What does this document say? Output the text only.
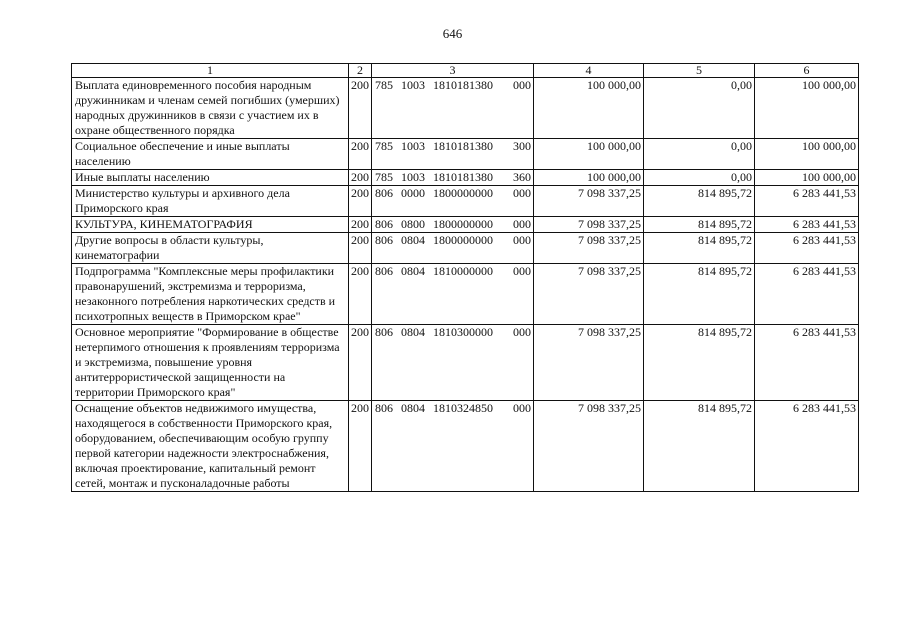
646
1	2	3	4	5	6
Выплата единовременного пособия народным дружинникам и членам семей погибших (умерших) народных дружинников в связи с участием их в охране общественного порядка	200	785 1003 1810181380 000	100 000,00	0,00	100 000,00
Социальное обеспечение и иные выплаты населению	200	785 1003 1810181380 300	100 000,00	0,00	100 000,00
Иные выплаты населению	200	785 1003 1810181380 360	100 000,00	0,00	100 000,00
Министерство культуры и архивного дела Приморского края	200	806 0000 1800000000 000	7 098 337,25	814 895,72	6 283 441,53
КУЛЬТУРА, КИНЕМАТОГРАФИЯ	200	806 0800 1800000000 000	7 098 337,25	814 895,72	6 283 441,53
Другие вопросы в области культуры, кинематографии	200	806 0804 1800000000 000	7 098 337,25	814 895,72	6 283 441,53
Подпрограмма "Комплексные меры профилактики правонарушений, экстремизма и терроризма, незаконного потребления наркотических средств и психотропных веществ в Приморском крае"	200	806 0804 1810000000 000	7 098 337,25	814 895,72	6 283 441,53
Основное мероприятие "Формирование в обществе нетерпимого отношения к проявлениям терроризма и экстремизма, повышение уровня антитеррористической защищенности на территории Приморского края"	200	806 0804 1810300000 000	7 098 337,25	814 895,72	6 283 441,53
Оснащение объектов недвижимого имущества, находящегося в собственности Приморского края, оборудованием, обеспечивающим особую группу первой категории надежности электроснабжения, включая проектирование, капитальный ремонт сетей, монтаж и пусконаладочные работы	200	806 0804 1810324850 000	7 098 337,25	814 895,72	6 283 441,53
